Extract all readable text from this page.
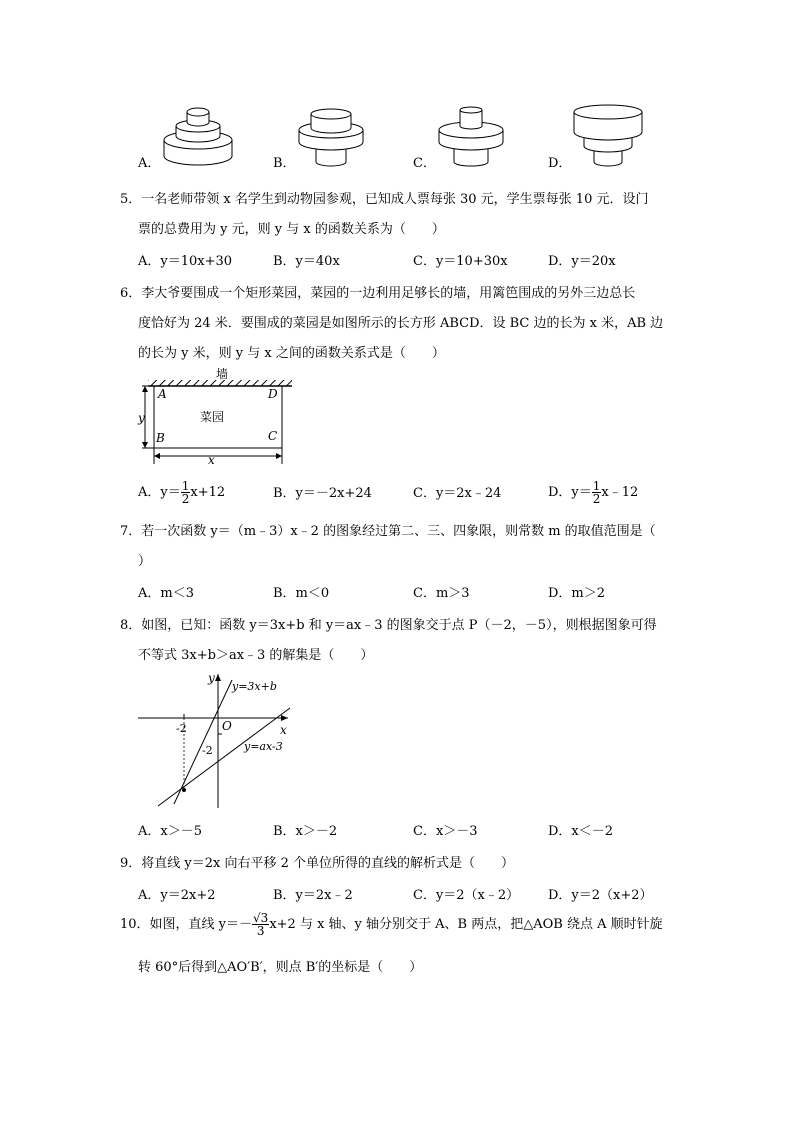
A．	B．	C．	D．
5．一名老师带领 x 名学生到动物园参观，已知成人票每张 30 元，学生票每张 10 元．设门
票的总费用为 y 元，则 y 与 x 的函数关系为（　　）
A．y＝10x+30	B．y＝40x	C．y＝10+30x	D．y＝20x
6．李大爷要围成一个矩形菜园，菜园的一边利用足够长的墙，用篱笆围成的另外三边总长
度恰好为 24 米．要围成的菜园是如图所示的长方形 ABCD．设 BC 边的长为 x 米，AB 边
的长为 y 米，则 y 与 x 之间的函数关系式是（　　）
墙
菜园
A	D
B	C
x
y
A．$y= \frac{1}{2} x+12$	B．y＝－2x+24	C．y＝2x﹣24	D．$y= \frac{1}{2}$ x﹣12
7．若一次函数 y＝（m﹣3）x﹣2 的图象经过第二、三、四象限，则常数 m 的取值范围是（
）
A．m＜3	B．m＜0	C．m＞3	D．m＞2
8．如图，已知：函数 y＝3x+b 和 y＝ax﹣3 的图象交于点 P（－2，－5），则根据图象可得
不等式 3x+b＞ax﹣3 的解集是（　　）
y
x
O
y=3x+b
y=ax-3
-2
-2
A．x＞－5	B．x＞－2	C．x＞－3	D．x＜－2
9．将直线 y＝2x 向右平移 2 个单位所得的直线的解析式是（　　）
A．y＝2x+2	B．y＝2x﹣2	C．y＝2（x﹣2） D．y＝2（x+2）
10．如图，直线 $y=- \frac{√3}{3} x+2$ 与 x 轴、y 轴分别交于 A、B 两点，把△AOB 绕点 A 顺时针旋
转 60°后得到△AO′B′，则点 B′的坐标是（　　）
